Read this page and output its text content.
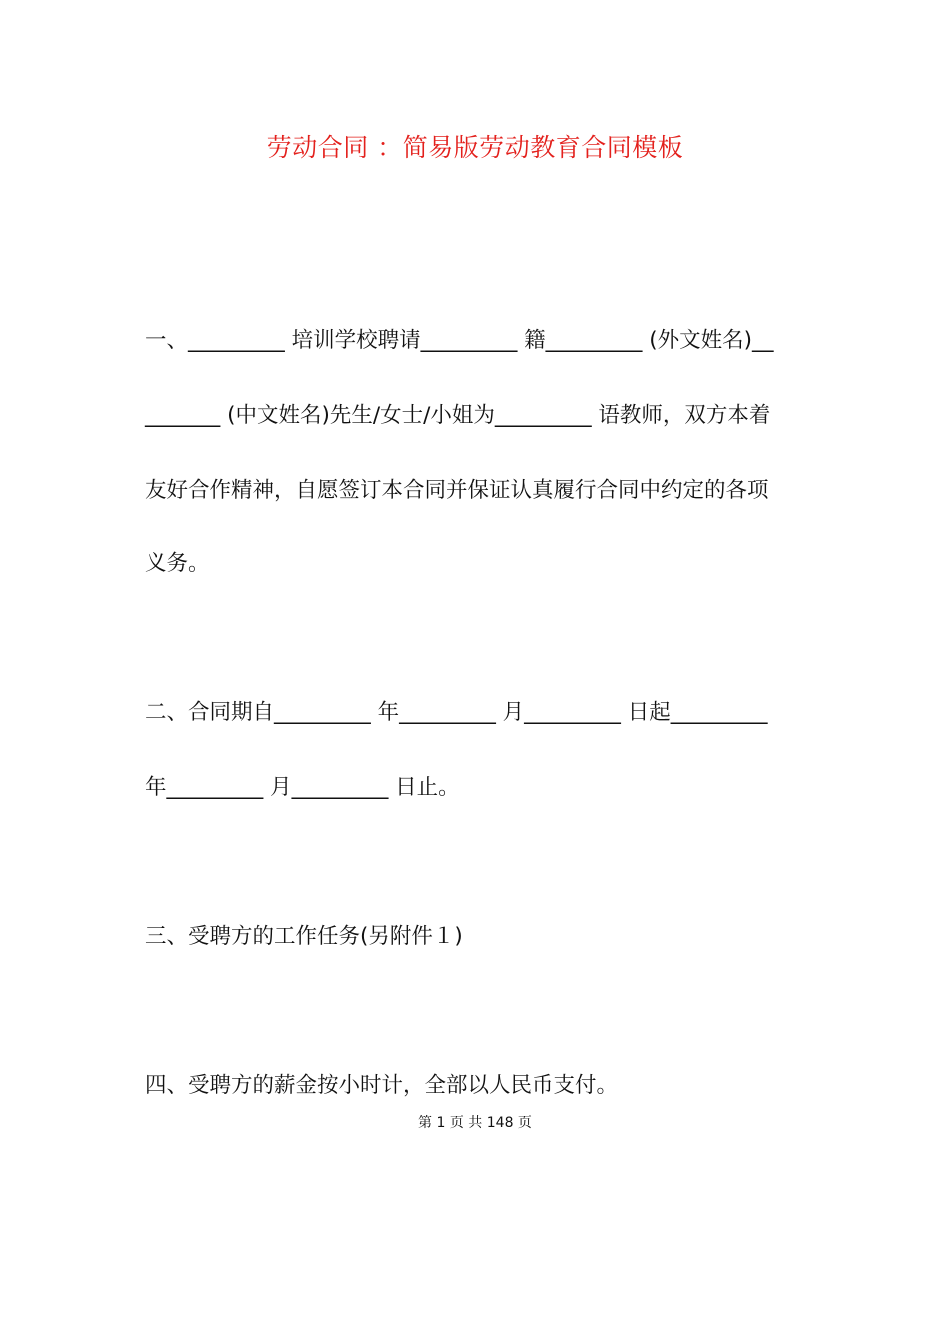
劳动合同 ：简易版劳动教育合同模板
一、_________ 培训学校聘请_________ 籍_________ (外文姓名)__
_______ (中文姓名)先生/女士/小姐为_________ 语教师，双方本着
友好合作精神，自愿签订本合同并保证认真履行合同中约定的各项
义务。
二、合同期自_________ 年_________ 月_________ 日起_________
年_________ 月_________ 日止。
三、受聘方的工作任务(另附件１)
四、受聘方的薪金按小时计，全部以人民币支付。
第 1 页 共 148 页
